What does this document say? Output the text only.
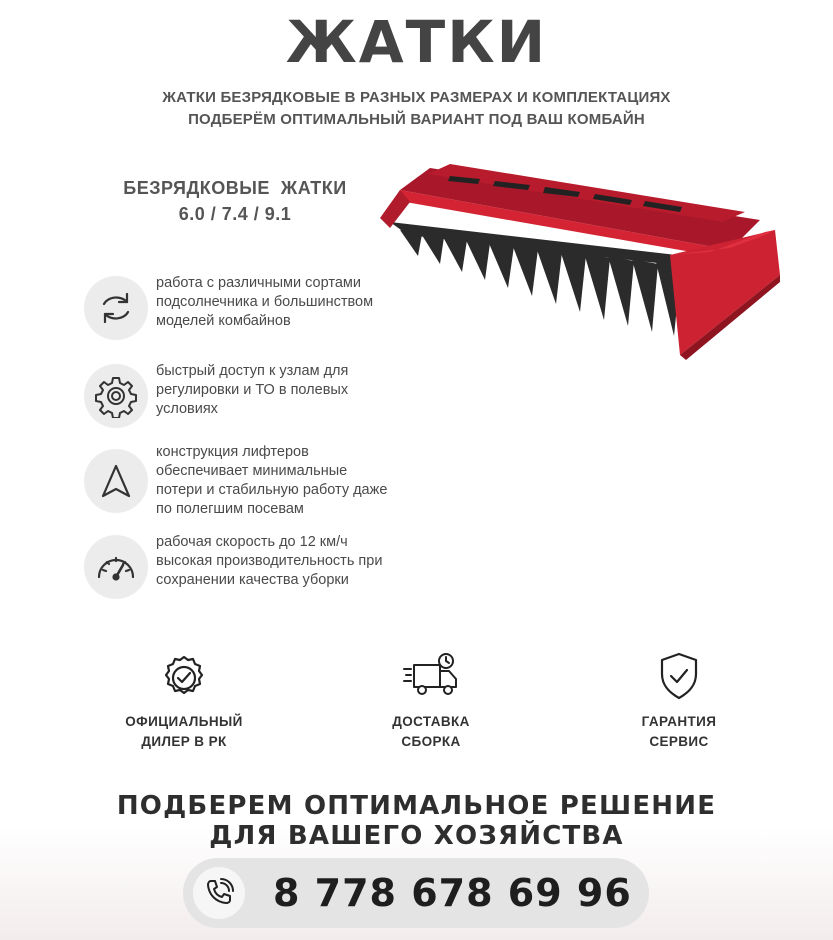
ЖАТКИ
ЖАТКИ БЕЗРЯДКОВЫЕ В РАЗНЫХ РАЗМЕРАХ И КОМПЛЕКТАЦИЯХ
ПОДБЕРЁМ ОПТИМАЛЬНЫЙ ВАРИАНТ ПОД ВАШ КОМБАЙН
БЕЗРЯДКОВЫЕ  ЖАТКИ
6.0 / 7.4 / 9.1
работа с различными сортами
подсолнечника и большинством
моделей комбайнов
быстрый доступ к узлам для
регулировки и ТО в полевых
условиях
конструкция лифтеров
обеспечивает минимальные
потери и стабильную работу даже
по полегшим посевам
рабочая скорость до 12 км/ч
высокая производительность при
сохранении качества уборки
ОФИЦИАЛЬНЫЙ
ДИЛЕР В РК
ДОСТАВКА
СБОРКА
ГАРАНТИЯ
СЕРВИС
ПОДБЕРЕМ ОПТИМАЛЬНОЕ РЕШЕНИЕ
ДЛЯ ВАШЕГО ХОЗЯЙСТВА
8 778 678 69 96
